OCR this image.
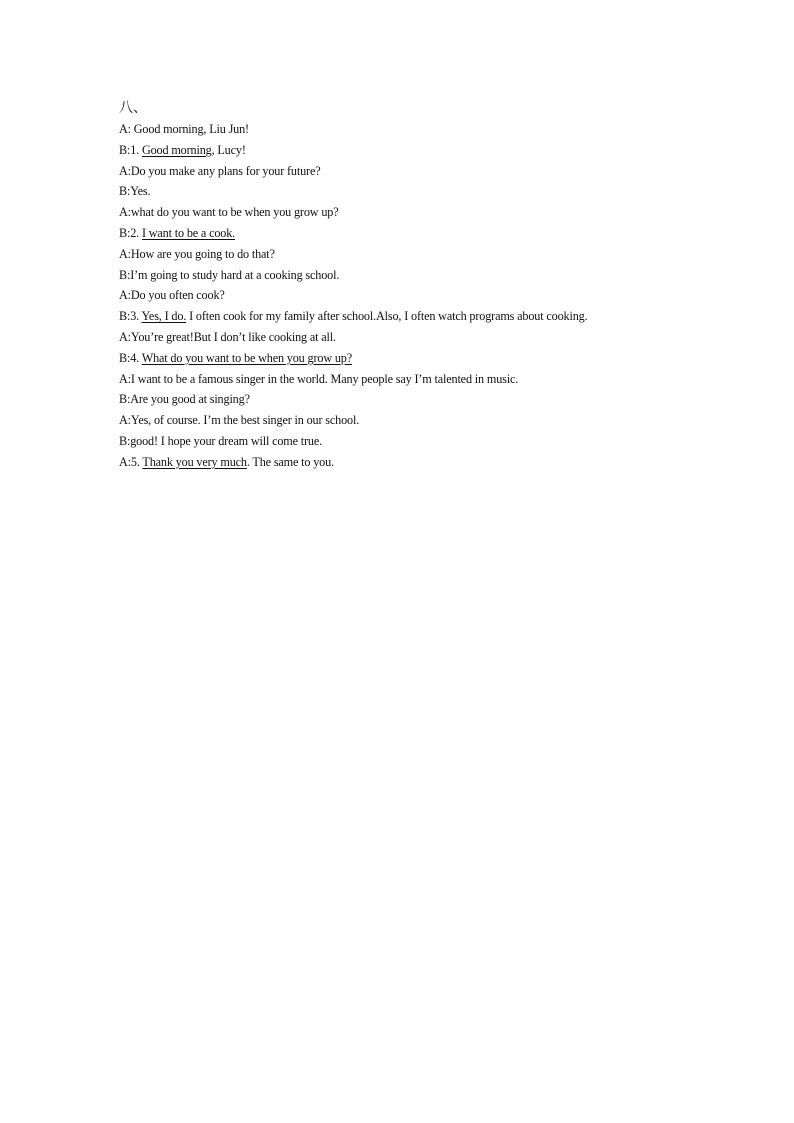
八、
A: Good morning, Liu Jun!
B:1. Good morning, Lucy!
A:Do you make any plans for your future?
B:Yes.
A:what do you want to be when you grow up?
B:2. I want to be a cook.
A:How are you going to do that?
B:I’m going to study hard at a cooking school.
A:Do you often cook?
B:3. Yes, I do. I often cook for my family after school.Also, I often watch programs about cooking.
A:You’re great!But I don’t like cooking at all.
B:4. What do you want to be when you grow up?
A:I want to be a famous singer in the world. Many people say I’m talented in music.
B:Are you good at singing?
A:Yes, of course. I’m the best singer in our school.
B:good! I hope your dream will come true.
A:5. Thank you very much. The same to you.
